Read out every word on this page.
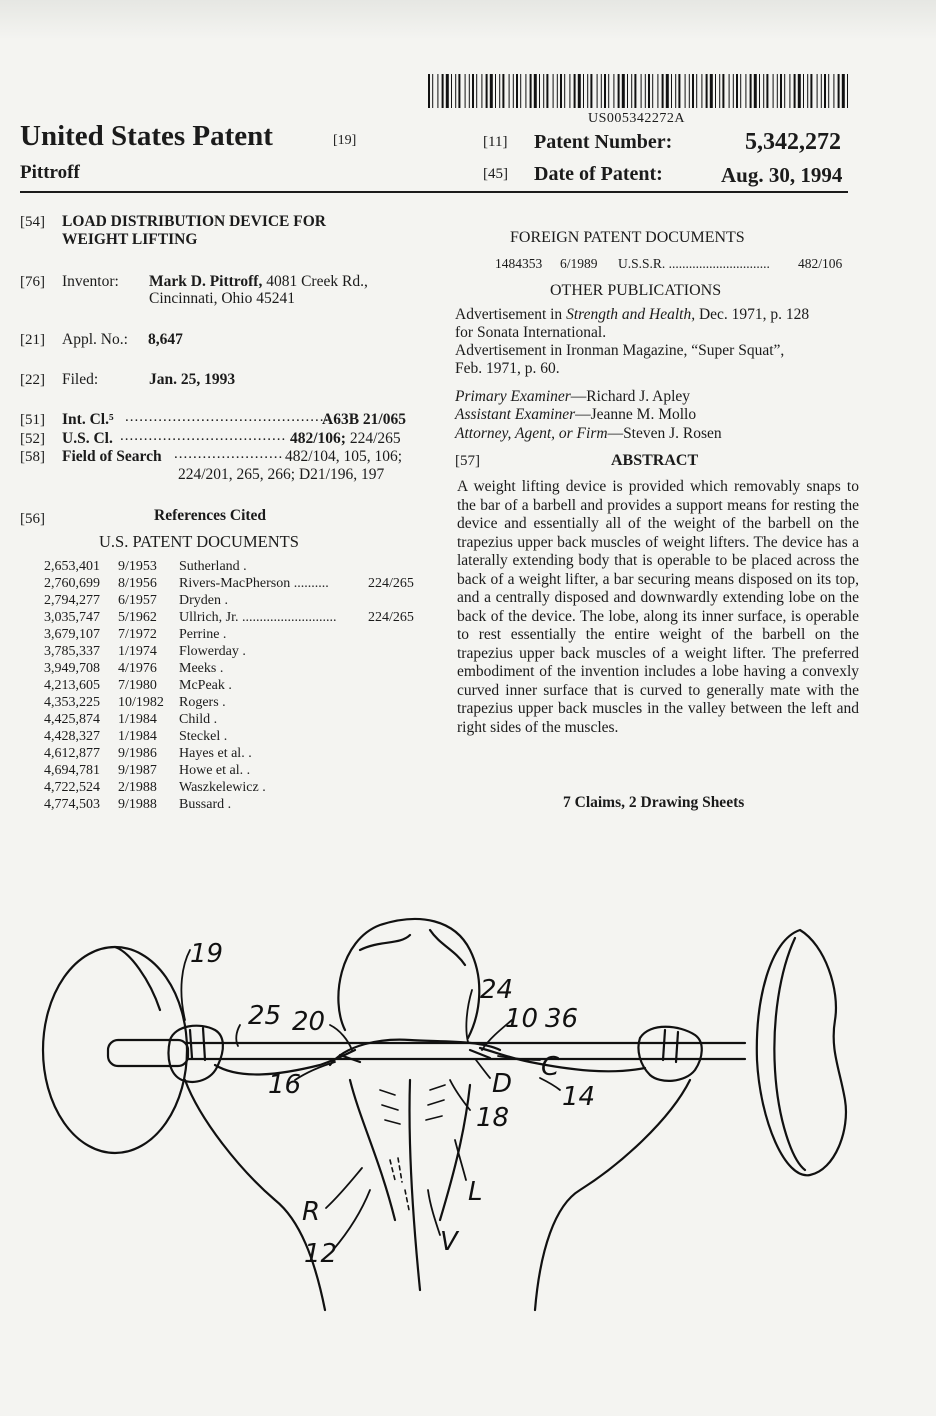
US005342272A
United States Patent	[19]
Pittroff
[11] Patent Number:	5,342,272
[45] Date of Patent:	Aug. 30, 1994
[54] LOAD DISTRIBUTION DEVICE FOR
WEIGHT LIFTING
[76] Inventor: Mark D. Pittroff, 4081 Creek Rd.,
Cincinnati, Ohio 45241
[21] Appl. No.: 8,647
[22] Filed:	Jan. 25, 1993
[51] Int. Cl.⁵ ...........................................
A63B 21/065
[52] U.S. Cl. ................................... 482/106; 224/265
[58] Field of Search ....................... 482/104, 105, 106;
224/201, 265, 266; D21/196, 197
[56]	References Cited
U.S. PATENT DOCUMENTS
2,653,401 9/1953 Sutherland .
2,760,699 8/1956 Rivers-MacPherson ..........	224/265
2,794,277 6/1957 Dryden .
3,035,747 5/1962 Ullrich, Jr. ........................... 224/265
3,679,107 7/1972 Perrine .
3,785,337 1/1974 Flowerday .
3,949,708 4/1976 Meeks .
4,213,605 7/1980 McPeak .
4,353,225 10/1982 Rogers .
4,425,874 1/1984 Child .
4,428,327 1/1984 Steckel .
4,612,877 9/1986 Hayes et al. .
4,694,781 9/1987 Howe et al. .
4,722,524 2/1988 Waszkelewicz .
4,774,503 9/1988 Bussard .
FOREIGN PATENT DOCUMENTS
1484353 6/1989 U.S.S.R. .............................. 482/106
OTHER PUBLICATIONS
Advertisement in Strength and Health, Dec. 1971, p. 128
for Sonata International.
Advertisement in Ironman Magazine, “Super Squat”,
Feb. 1971, p. 60.
Primary Examiner—Richard J. Apley
Assistant Examiner—Jeanne M. Mollo
Attorney, Agent, or Firm—Steven J. Rosen
[57]	ABSTRACT
A weight lifting device is provided which removably snaps to the bar of a barbell and provides a support means for resting the device and essentially all of the weight of the barbell on the trapezius upper back muscles of weight lifters. The device has a laterally extending body that is operable to be placed across the back of a weight lifter, a bar securing means disposed on its top, and a centrally disposed and downwardly extending lobe on the back of the device. The lobe, along its inner surface, is operable to rest essentially the entire weight of the barbell on the trapezius upper back muscles of a weight lifter. The preferred embodiment of the invention includes a lobe having a convexly curved inner surface that is curved to generally mate with the trapezius upper back muscles in the valley between the left and right sides of the muscles.
7 Claims, 2 Drawing Sheets
19
25 20
24
10 36
C
D 14
16
18
L
R
12	V
